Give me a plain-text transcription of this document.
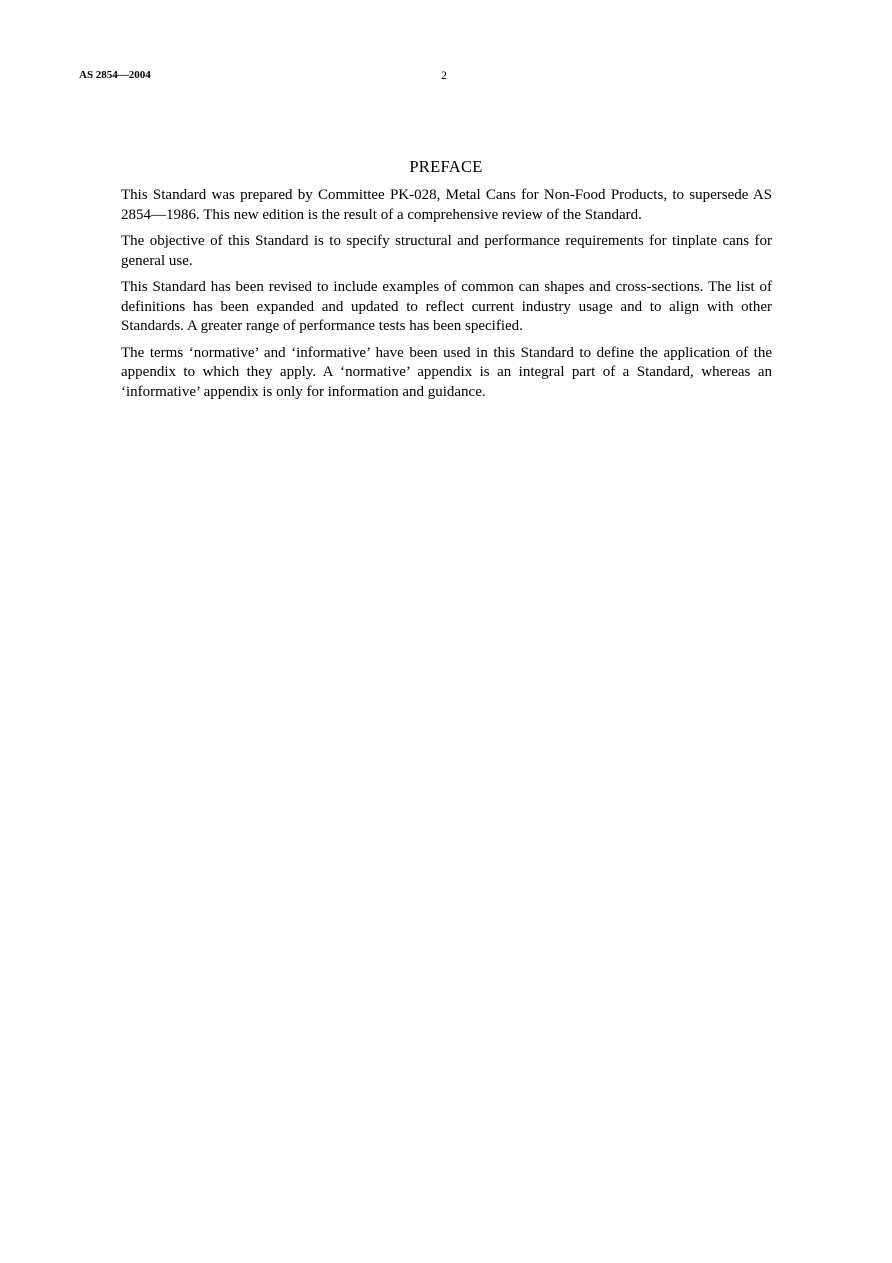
AS 2854—2004	2
PREFACE

This Standard was prepared by Committee PK-028, Metal Cans for Non-Food Products, to supersede AS 2854—1986. This new edition is the result of a comprehensive review of the Standard.

The objective of this Standard is to specify structural and performance requirements for tinplate cans for general use.

This Standard has been revised to include examples of common can shapes and cross-sections. The list of definitions has been expanded and updated to reflect current industry usage and to align with other Standards. A greater range of performance tests has been specified.

The terms ‘normative’ and ‘informative’ have been used in this Standard to define the application of the appendix to which they apply. A ‘normative’ appendix is an integral part of a Standard, whereas an ‘informative’ appendix is only for information and guidance.
